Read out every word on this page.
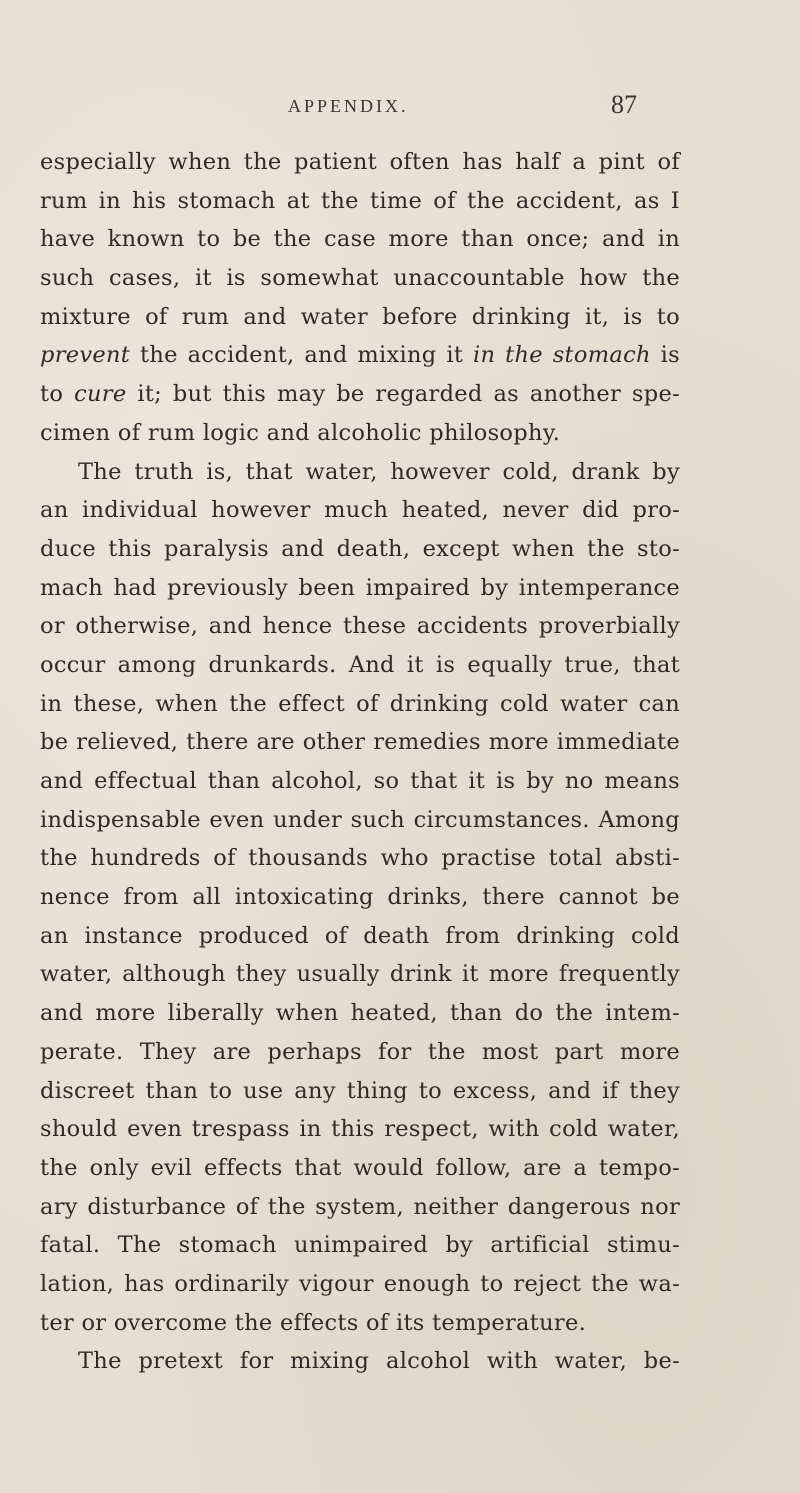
APPENDIX.	87
especially when the patient often has half a pint of
rum in his stomach at the time of the accident, as I
have known to be the case more than once; and in
such cases, it is somewhat unaccountable how the
mixture of rum and water before drinking it, is to
prevent the accident, and mixing it in the stomach is
to cure it; but this may be regarded as another spe-
cimen of rum logic and alcoholic philosophy.
The truth is, that water, however cold, drank by
an individual however much heated, never did pro-
duce this paralysis and death, except when the sto-
mach had previously been impaired by intemperance
or otherwise, and hence these accidents proverbially
occur among drunkards. And it is equally true, that
in these, when the effect of drinking cold water can
be relieved, there are other remedies more immediate
and effectual than alcohol, so that it is by no means
indispensable even under such circumstances. Among
the hundreds of thousands who practise total absti-
nence from all intoxicating drinks, there cannot be
an instance produced of death from drinking cold
water, although they usually drink it more frequently
and more liberally when heated, than do the intem-
perate. They are perhaps for the most part more
discreet than to use any thing to excess, and if they
should even trespass in this respect, with cold water,
the only evil effects that would follow, are a tempo-
ary disturbance of the system, neither dangerous nor
fatal. The stomach unimpaired by artificial stimu-
lation, has ordinarily vigour enough to reject the wa-
ter or overcome the effects of its temperature.
The pretext for mixing alcohol with water, be-
